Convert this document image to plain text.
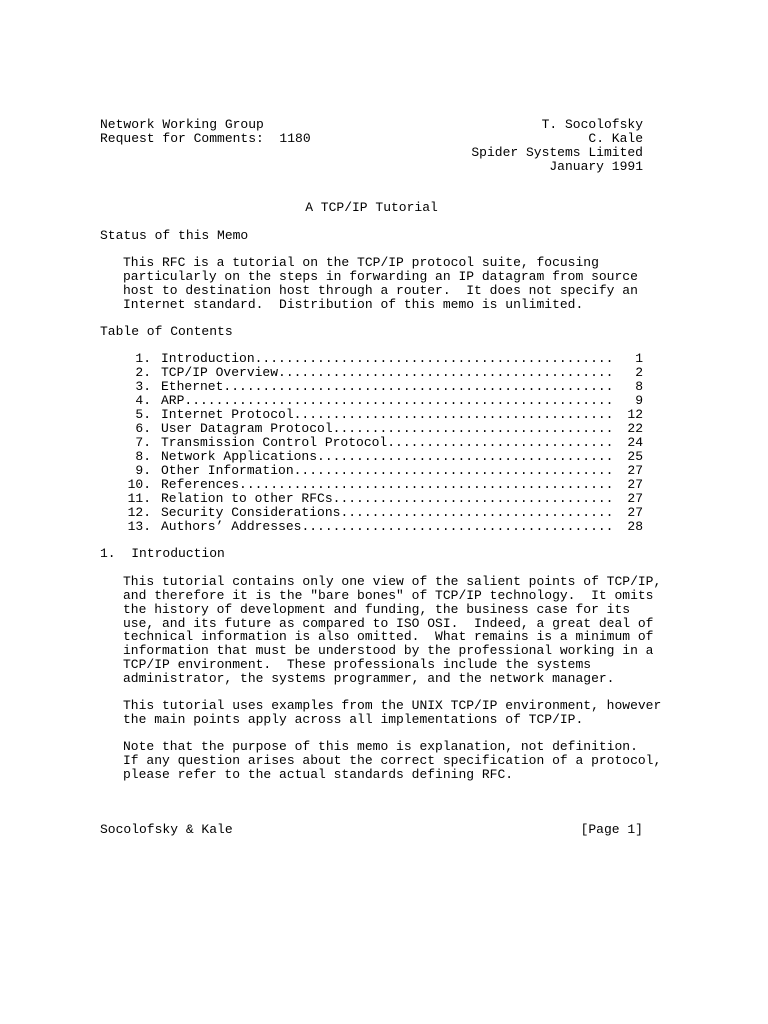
Network Working Group	T. Socolofsky
Request for Comments:  1180	C. Kale
Spider Systems Limited
January 1991
A TCP/IP Tutorial
Status of this Memo
This RFC is a tutorial on the TCP/IP protocol suite, focusing
particularly on the steps in forwarding an IP datagram from source
host to destination host through a router.  It does not specify an
Internet standard.  Distribution of this memo is unlimited.
Table of Contents
1. Introduction .....	1
2. TCP/IP Overview .....	2
3. Ethernet .....	8
4. ARP .....	9
5. Internet Protocol .....	12
6. User Datagram Protocol .....	22
7. Transmission Control Protocol .....	24
8. Network Applications .....	25
9. Other Information .....	27
10. References .....	27
11. Relation to other RFCs .....	27
12. Security Considerations .....	27
13. Authors’ Addresses .....	28
1.  Introduction
This tutorial contains only one view of the salient points of TCP/IP,
and therefore it is the "bare bones" of TCP/IP technology.  It omits
the history of development and funding, the business case for its
use, and its future as compared to ISO OSI.  Indeed, a great deal of
technical information is also omitted.  What remains is a minimum of
information that must be understood by the professional working in a
TCP/IP environment.  These professionals include the systems
administrator, the systems programmer, and the network manager.
This tutorial uses examples from the UNIX TCP/IP environment, however
the main points apply across all implementations of TCP/IP.
Note that the purpose of this memo is explanation, not definition.
If any question arises about the correct specification of a protocol,
please refer to the actual standards defining RFC.
Socolofsky & Kale	[Page 1]
